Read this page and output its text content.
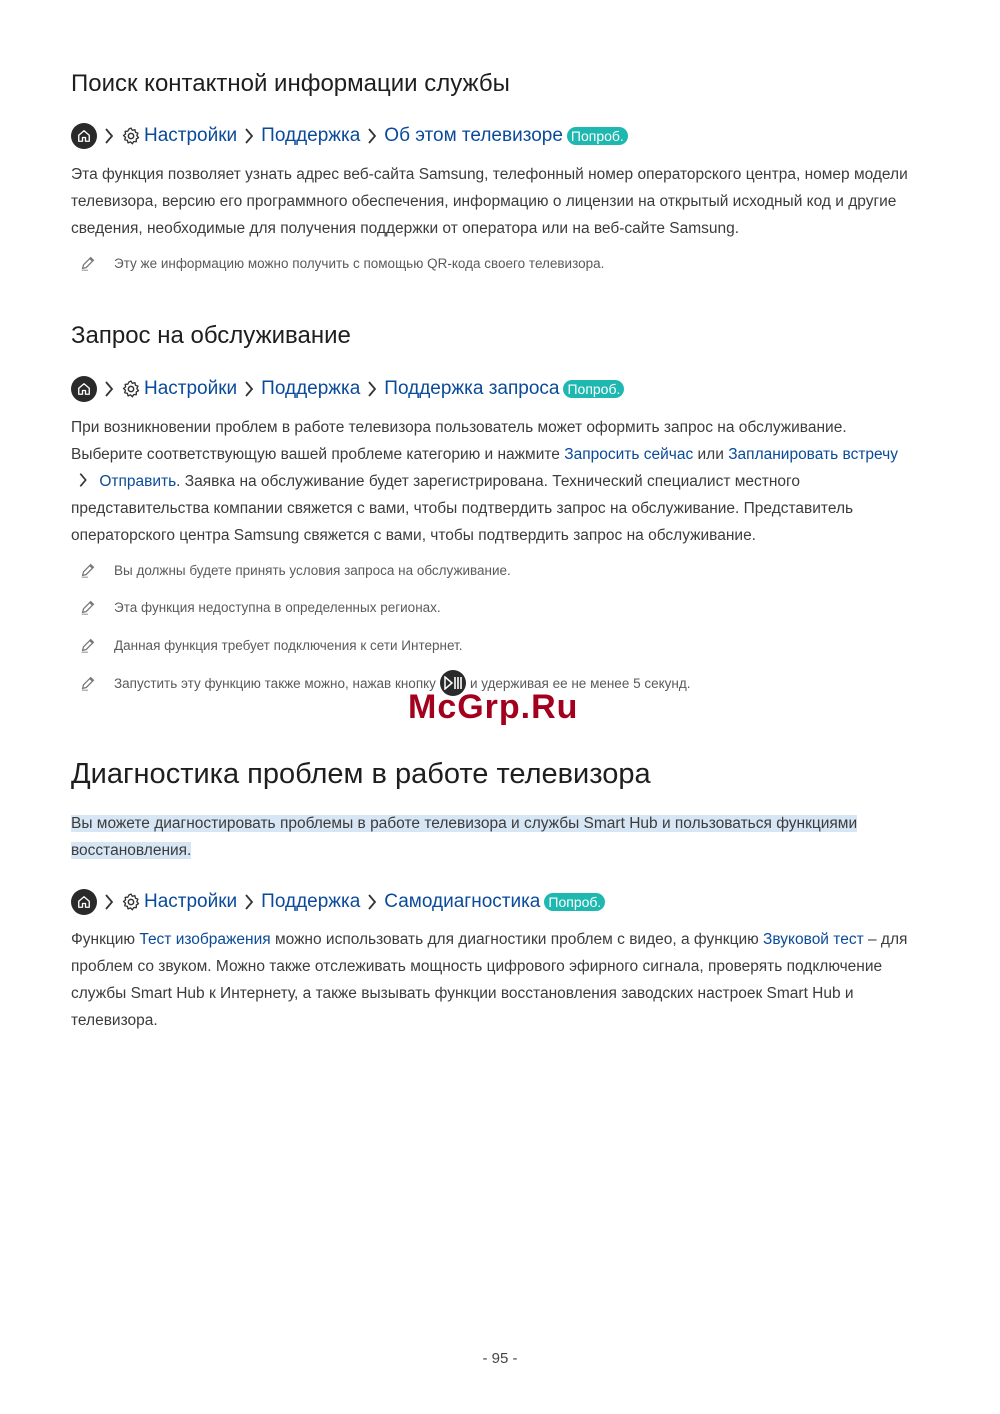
Поиск контактной информации службы
Настройки Поддержка Об этом телевизоре Попроб.

Эта функция позволяет узнать адрес веб-сайта Samsung, телефонный номер операторского центра, номер модели телевизора, версию его программного обеспечения, информацию о лицензии на открытый исходный код и другие сведения, необходимые для получения поддержки от оператора или на веб-сайте Samsung.

Эту же информацию можно получить с помощью QR-кода своего телевизора.
Запрос на обслуживание
Настройки Поддержка Поддержка запроса Попроб.

При возникновении проблем в работе телевизора пользователь может оформить запрос на обслуживание. Выберите соответствующую вашей проблеме категорию и нажмите Запросить сейчас или Запланировать встречу
Отправить. Заявка на обслуживание будет зарегистрирована. Технический специалист местного представительства компании свяжется с вами, чтобы подтвердить запрос на обслуживание. Представитель операторского центра Samsung свяжется с вами, чтобы подтвердить запрос на обслуживание.

Вы должны будете принять условия запроса на обслуживание.
Эта функция недоступна в определенных регионах.
Данная функция требует подключения к сети Интернет.
Запустить эту функцию также можно, нажав кнопку	и удерживая ее не менее 5 секунд.
Диагностика проблем в работе телевизора

Вы можете диагностировать проблемы в работе телевизора и службы Smart Hub и пользоваться функциями восстановления.

Настройки Поддержка Самодиагностика Попроб.

Функцию Тест изображения можно использовать для диагностики проблем с видео, а функцию Звуковой тест – для проблем со звуком. Можно также отслеживать мощность цифрового эфирного сигнала, проверять подключение службы Smart Hub к Интернету, а также вызывать функции восстановления заводских настроек Smart Hub и телевизора.

McGrp.Ru
- 95 -
